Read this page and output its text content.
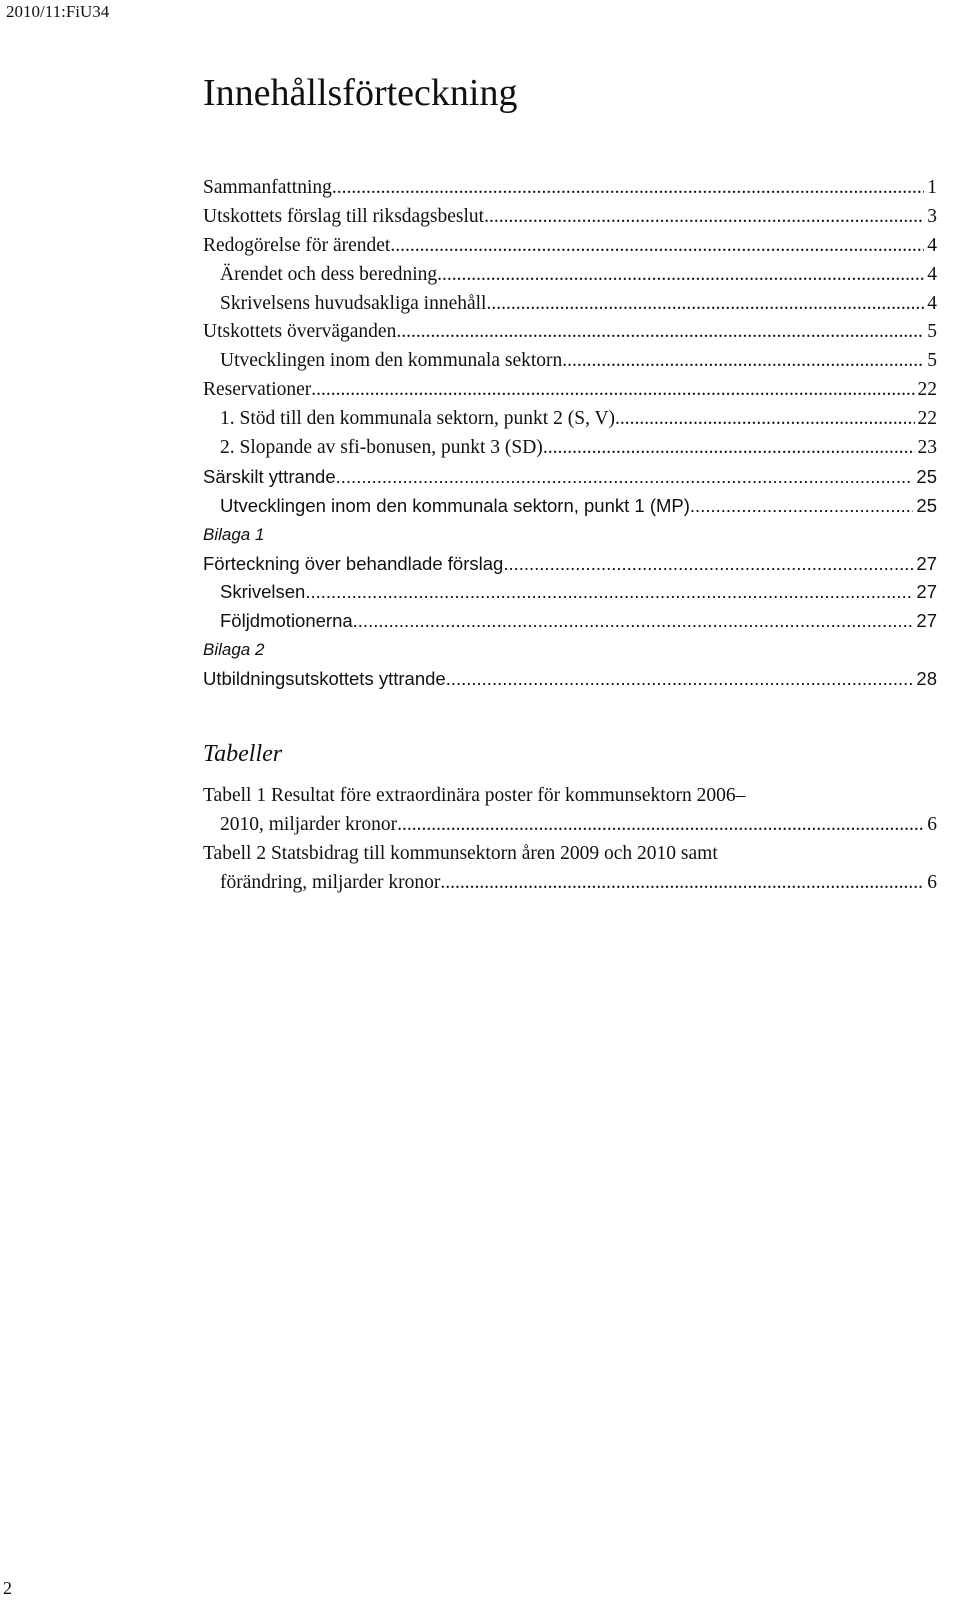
2010/11:FiU34
Innehållsförteckning
Sammanfattning .....	1
Utskottets förslag till riksdagsbeslut .....	3
Redogörelse för ärendet .....	4
Ärendet och dess beredning .....	4
Skrivelsens huvudsakliga innehåll .....	4
Utskottets överväganden .....	5
Utvecklingen inom den kommunala sektorn .....	5
Reservationer .....	22
1. Stöd till den kommunala sektorn, punkt 2 (S, V) .....	22
2. Slopande av sfi-bonusen, punkt 3 (SD) .....	23
Särskilt yttrande .....	25
Utvecklingen inom den kommunala sektorn, punkt 1 (MP) .....	25
Bilaga 1
Förteckning över behandlade förslag .....	27
Skrivelsen .....	27
Följdmotionerna .....	27
Bilaga 2
Utbildningsutskottets yttrande .....	28
Tabeller
Tabell 1 Resultat före extraordinära poster för kommunsektorn 2006–
2010, miljarder kronor .....	6
Tabell 2 Statsbidrag till kommunsektorn åren 2009 och 2010 samt
förändring, miljarder kronor .....	6
2
